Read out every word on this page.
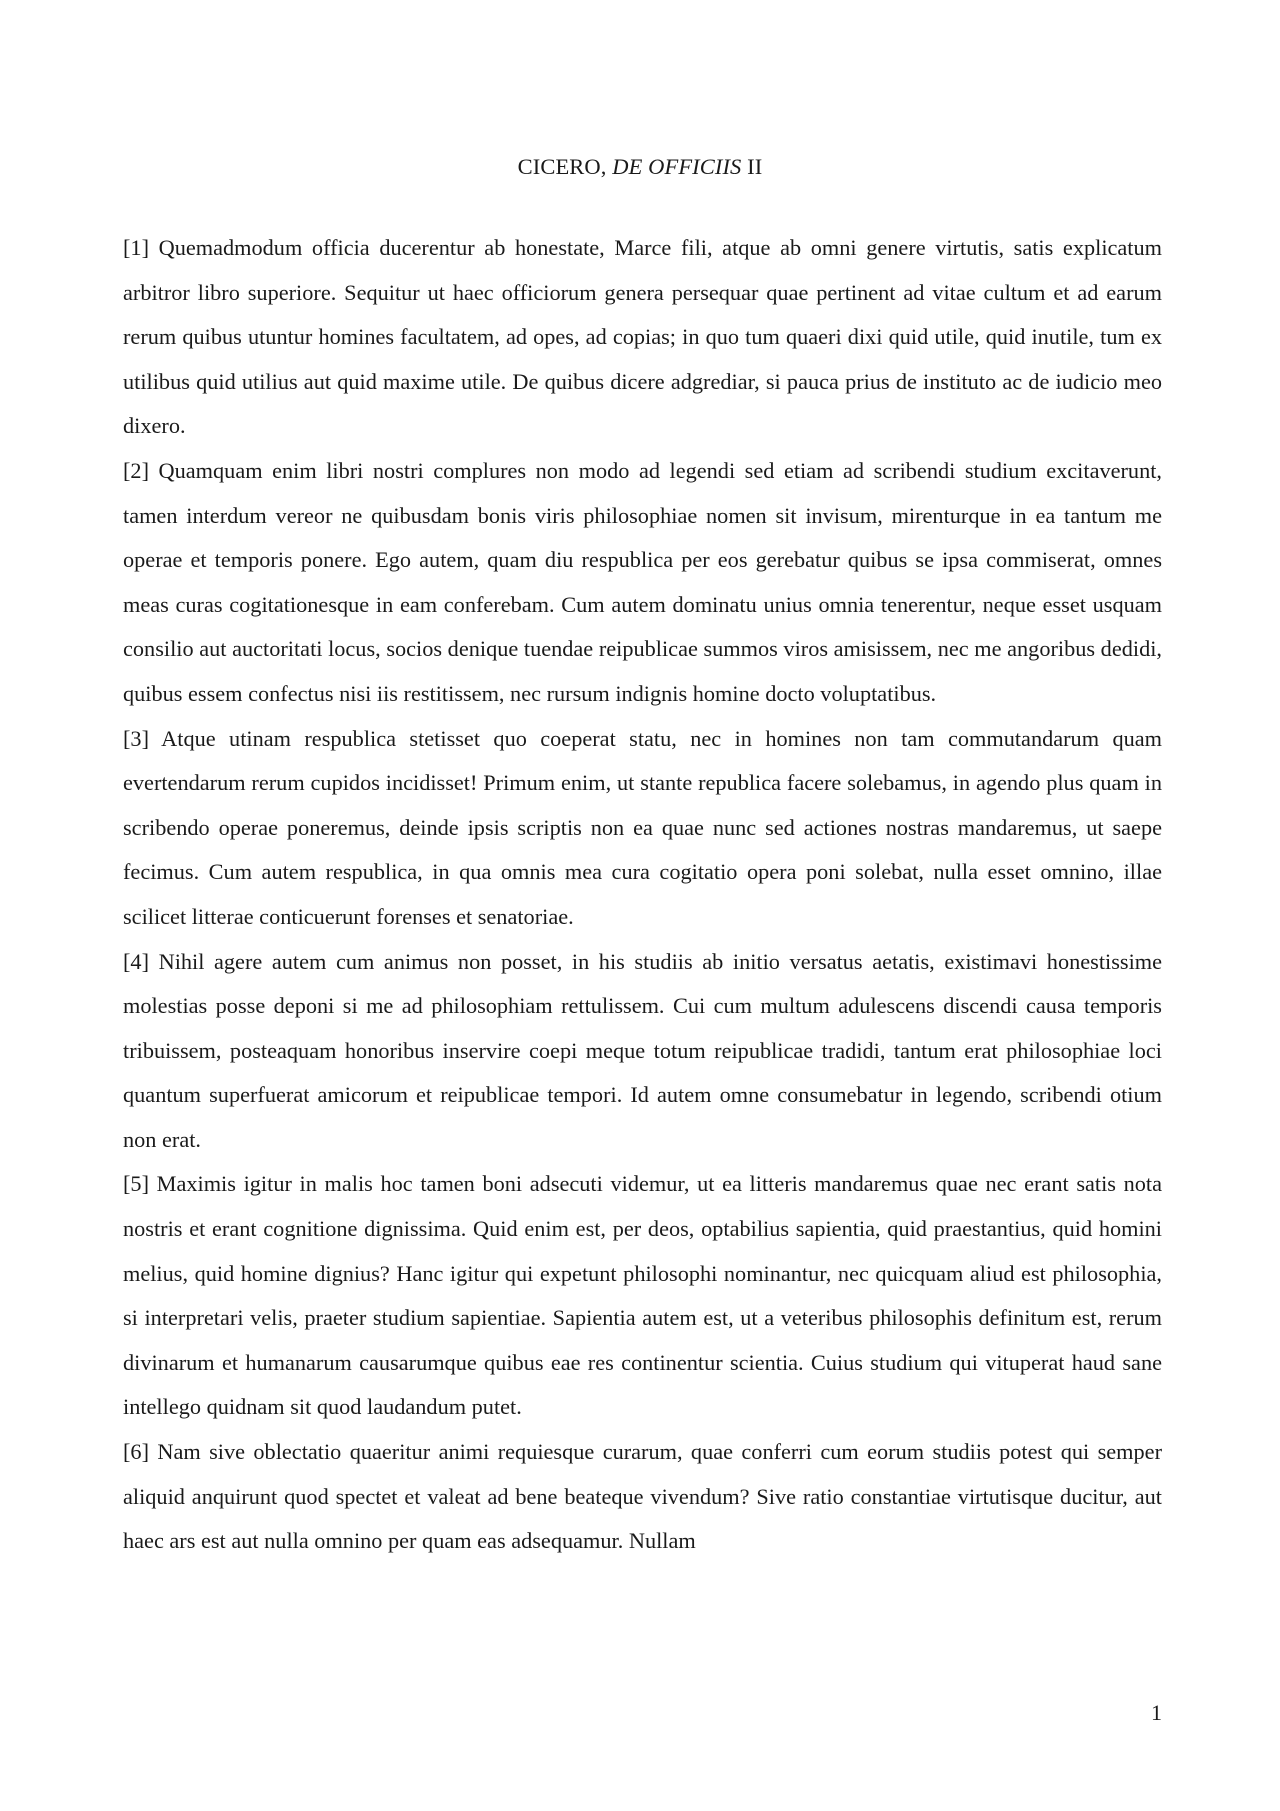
CICERO, DE OFFICIIS II

[1] Quemadmodum officia ducerentur ab honestate, Marce fili, atque ab omni genere virtutis, satis explicatum arbitror libro superiore. Sequitur ut haec officiorum genera persequar quae pertinent ad vitae cultum et ad earum rerum quibus utuntur homines facultatem, ad opes, ad copias; in quo tum quaeri dixi quid utile, quid inutile, tum ex utilibus quid utilius aut quid maxime utile. De quibus dicere adgrediar, si pauca prius de instituto ac de iudicio meo dixero.

[2] Quamquam enim libri nostri complures non modo ad legendi sed etiam ad scribendi studium excitaverunt, tamen interdum vereor ne quibusdam bonis viris philosophiae nomen sit invisum, mirenturque in ea tantum me operae et temporis ponere. Ego autem, quam diu respublica per eos gerebatur quibus se ipsa commiserat, omnes meas curas cogitationesque in eam conferebam. Cum autem dominatu unius omnia tenerentur, neque esset usquam consilio aut auctoritati locus, socios denique tuendae reipublicae summos viros amisissem, nec me angoribus dedidi, quibus essem confectus nisi iis restitissem, nec rursum indignis homine docto voluptatibus.

[3] Atque utinam respublica stetisset quo coeperat statu, nec in homines non tam commutandarum quam evertendarum rerum cupidos incidisset! Primum enim, ut stante republica facere solebamus, in agendo plus quam in scribendo operae poneremus, deinde ipsis scriptis non ea quae nunc sed actiones nostras mandaremus, ut saepe fecimus. Cum autem respublica, in qua omnis mea cura cogitatio opera poni solebat, nulla esset omnino, illae scilicet litterae conticuerunt forenses et senatoriae.

[4] Nihil agere autem cum animus non posset, in his studiis ab initio versatus aetatis, existimavi honestissime molestias posse deponi si me ad philosophiam rettulissem. Cui cum multum adulescens discendi causa temporis tribuissem, posteaquam honoribus inservire coepi meque totum reipublicae tradidi, tantum erat philosophiae loci quantum superfuerat amicorum et reipublicae tempori. Id autem omne consumebatur in legendo, scribendi otium non erat.

[5] Maximis igitur in malis hoc tamen boni adsecuti videmur, ut ea litteris mandaremus quae nec erant satis nota nostris et erant cognitione dignissima. Quid enim est, per deos, optabilius sapientia, quid praestantius, quid homini melius, quid homine dignius? Hanc igitur qui expetunt philosophi nominantur, nec quicquam aliud est philosophia, si interpretari velis, praeter studium sapientiae. Sapientia autem est, ut a veteribus philosophis definitum est, rerum divinarum et humanarum causarumque quibus eae res continentur scientia. Cuius studium qui vituperat haud sane intellego quidnam sit quod laudandum putet.

[6] Nam sive oblectatio quaeritur animi requiesque curarum, quae conferri cum eorum studiis potest qui semper aliquid anquirunt quod spectet et valeat ad bene beateque vivendum? Sive ratio constantiae virtutisque ducitur, aut haec ars est aut nulla omnino per quam eas adsequamur. Nullam

1
